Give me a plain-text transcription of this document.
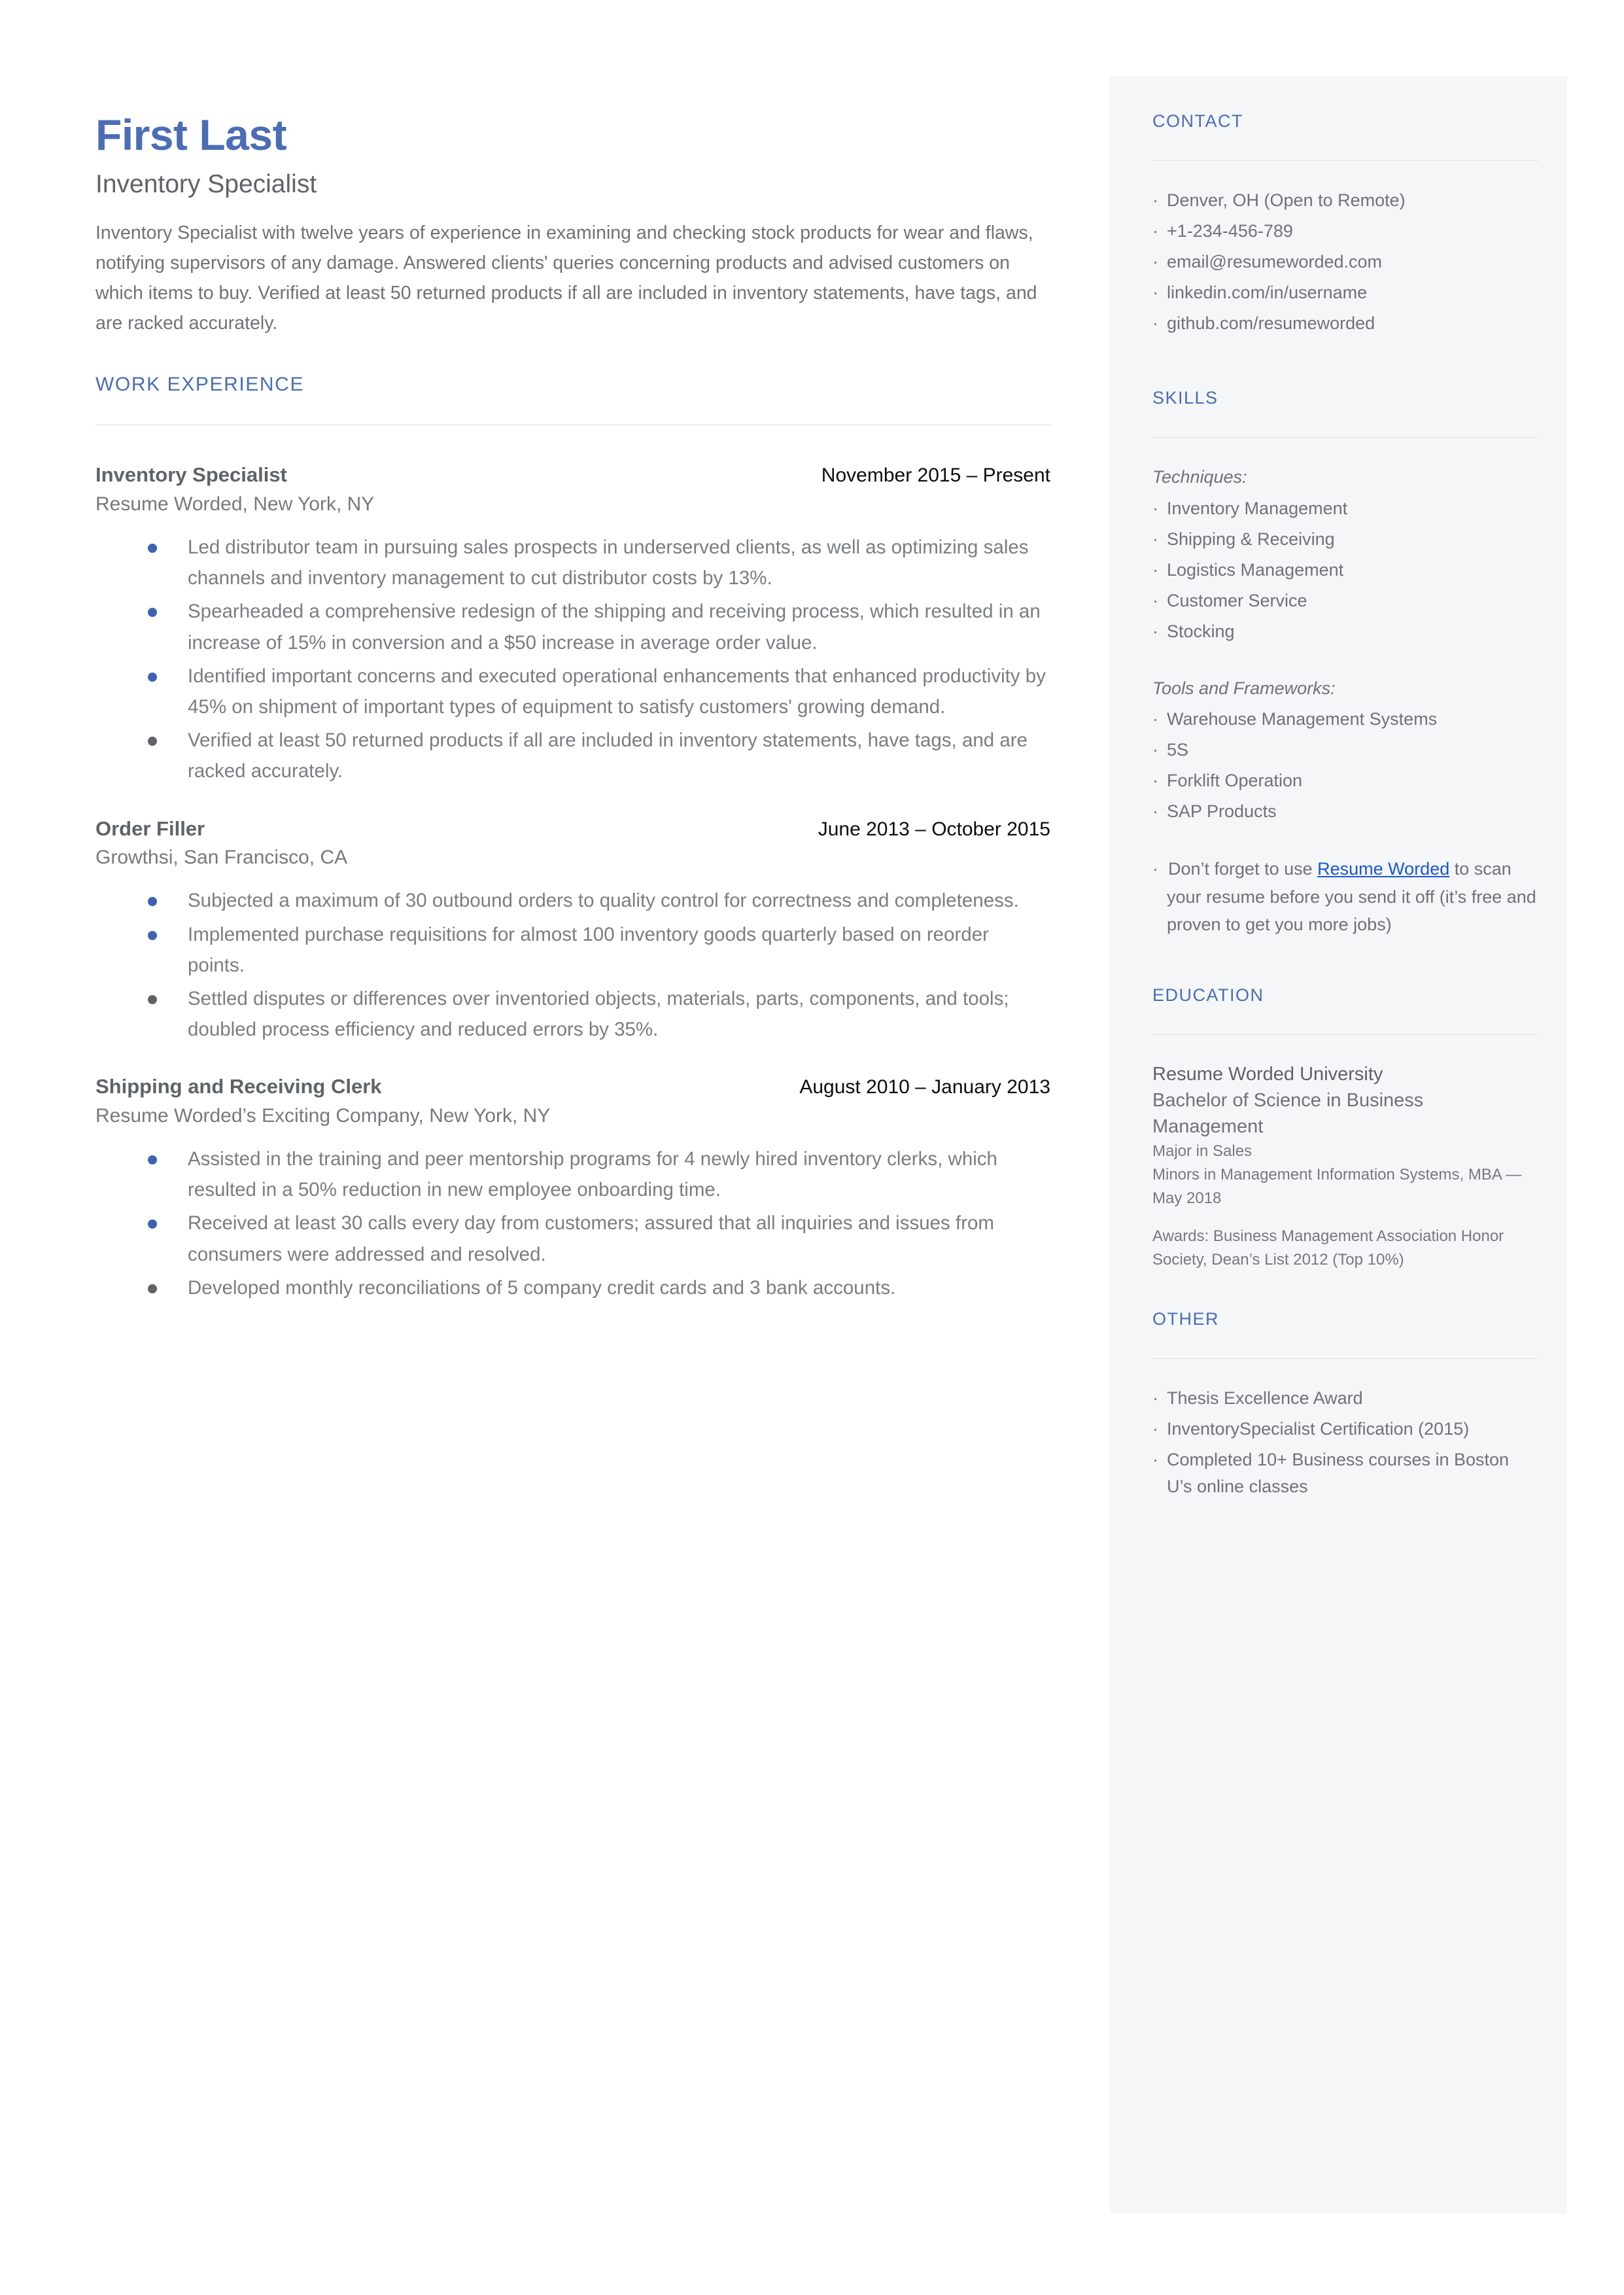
First Last
Inventory Specialist
Inventory Specialist with twelve years of experience in examining and checking stock products for wear and flaws, notifying supervisors of any damage. Answered clients' queries concerning products and advised customers on which items to buy. Verified at least 50 returned products if all are included in inventory statements, have tags, and are racked accurately.
WORK EXPERIENCE
Inventory Specialist	November 2015 – Present
Resume Worded, New York, NY
Led distributor team in pursuing sales prospects in underserved clients, as well as optimizing sales channels and inventory management to cut distributor costs by 13%.
Spearheaded a comprehensive redesign of the shipping and receiving process, which resulted in an increase of 15% in conversion and a $50 increase in average order value.
Identified important concerns and executed operational enhancements that enhanced productivity by 45% on shipment of important types of equipment to satisfy customers' growing demand.
Verified at least 50 returned products if all are included in inventory statements, have tags, and are racked accurately.
Order Filler	June 2013 – October 2015
Growthsi, San Francisco, CA
Subjected a maximum of 30 outbound orders to quality control for correctness and completeness.
Implemented purchase requisitions for almost 100 inventory goods quarterly based on reorder points.
Settled disputes or differences over inventoried objects, materials, parts, components, and tools; doubled process efficiency and reduced errors by 35%.
Shipping and Receiving Clerk	August 2010 – January 2013
Resume Worded’s Exciting Company, New York, NY
Assisted in the training and peer mentorship programs for 4 newly hired inventory clerks, which resulted in a 50% reduction in new employee onboarding time.
Received at least 30 calls every day from customers; assured that all inquiries and issues from consumers were addressed and resolved.
Developed monthly reconciliations of 5 company credit cards and 3 bank accounts.
CONTACT
· Denver, OH (Open to Remote)
· +1-234-456-789
· email@resumeworded.com
· linkedin.com/in/username
· github.com/resumeworded
SKILLS
Techniques:
· Inventory Management
· Shipping & Receiving
· Logistics Management
· Customer Service
· Stocking
Tools and Frameworks:
· Warehouse Management Systems
· 5S
· Forklift Operation
· SAP Products
·  Don’t forget to use Resume Worded to scan your resume before you send it off (it’s free and proven to get you more jobs)
EDUCATION
Resume Worded University
Bachelor of Science in Business Management
Major in Sales
Minors in Management Information Systems, MBA — May 2018
Awards: Business Management Association Honor Society, Dean’s List 2012 (Top 10%)
OTHER
· Thesis Excellence Award
· InventorySpecialist Certification (2015)
· Completed 10+ Business courses in Boston U’s online classes
